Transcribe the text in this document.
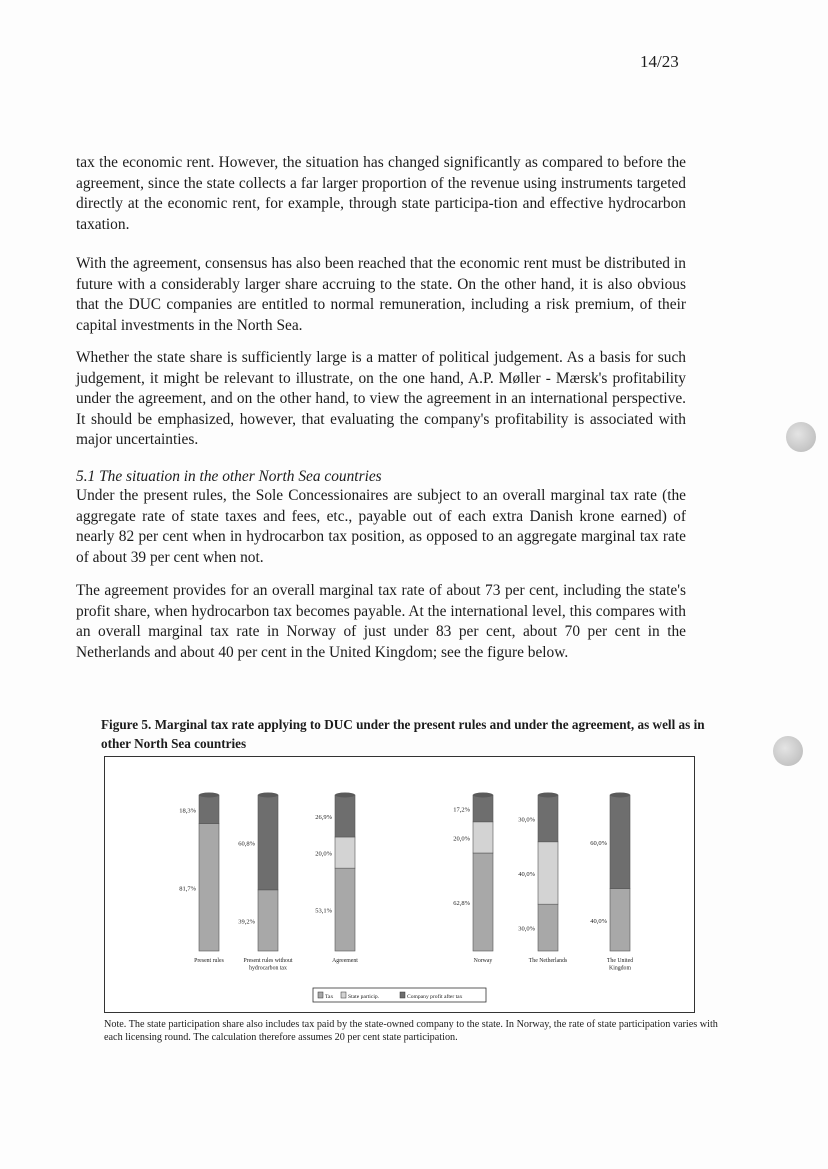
14/23

tax the economic rent. However, the situation has changed significantly as compared to before the agreement, since the state collects a far larger proportion of the revenue using instruments targeted directly at the economic rent, for example, through state participa-tion and effective hydrocarbon taxation.

With the agreement, consensus has also been reached that the economic rent must be distributed in future with a considerably larger share accruing to the state. On the other hand, it is also obvious that the DUC companies are entitled to normal remuneration, including a risk premium, of their capital investments in the North Sea.

Whether the state share is sufficiently large is a matter of political judgement. As a basis for such judgement, it might be relevant to illustrate, on the one hand, A.P. Møller - Mærsk's profitability under the agreement, and on the other hand, to view the agreement in an international perspective. It should be emphasized, however, that evaluating the company's profitability is associated with major uncertainties.

5.1 The situation in the other North Sea countries

Under the present rules, the Sole Concessionaires are subject to an overall marginal tax rate (the aggregate rate of state taxes and fees, etc., payable out of each extra Danish krone earned) of nearly 82 per cent when in hydrocarbon tax position, as opposed to an aggregate marginal tax rate of about 39 per cent when not.

The agreement provides for an overall marginal tax rate of about 73 per cent, including the state's profit share, when hydrocarbon tax becomes payable. At the international level, this compares with an overall marginal tax rate in Norway of just under 83 per cent, about 70 per cent in the Netherlands and about 40 per cent in the United Kingdom; see the figure below.

Figure 5. Marginal tax rate applying to DUC under the present rules and under the agreement, as well as in other North Sea countries

81,7%
18,3%
Present rules
39,2%
60,8%
Present rules without
hydrocarbon tax
53,1%
20,0%
26,9%
Agreement
62,8%
20,0%
17,2%
Norway
30,0%
40,0%
30,0%
The Netherlands
40,0%
60,0%
The United
Kingdom
Tax	State particip.	Company profit after tax

Note. The state participation share also includes tax paid by the state-owned company to the state. In Norway, the rate of state participation varies with each licensing round. The calculation therefore assumes 20 per cent state participation.
